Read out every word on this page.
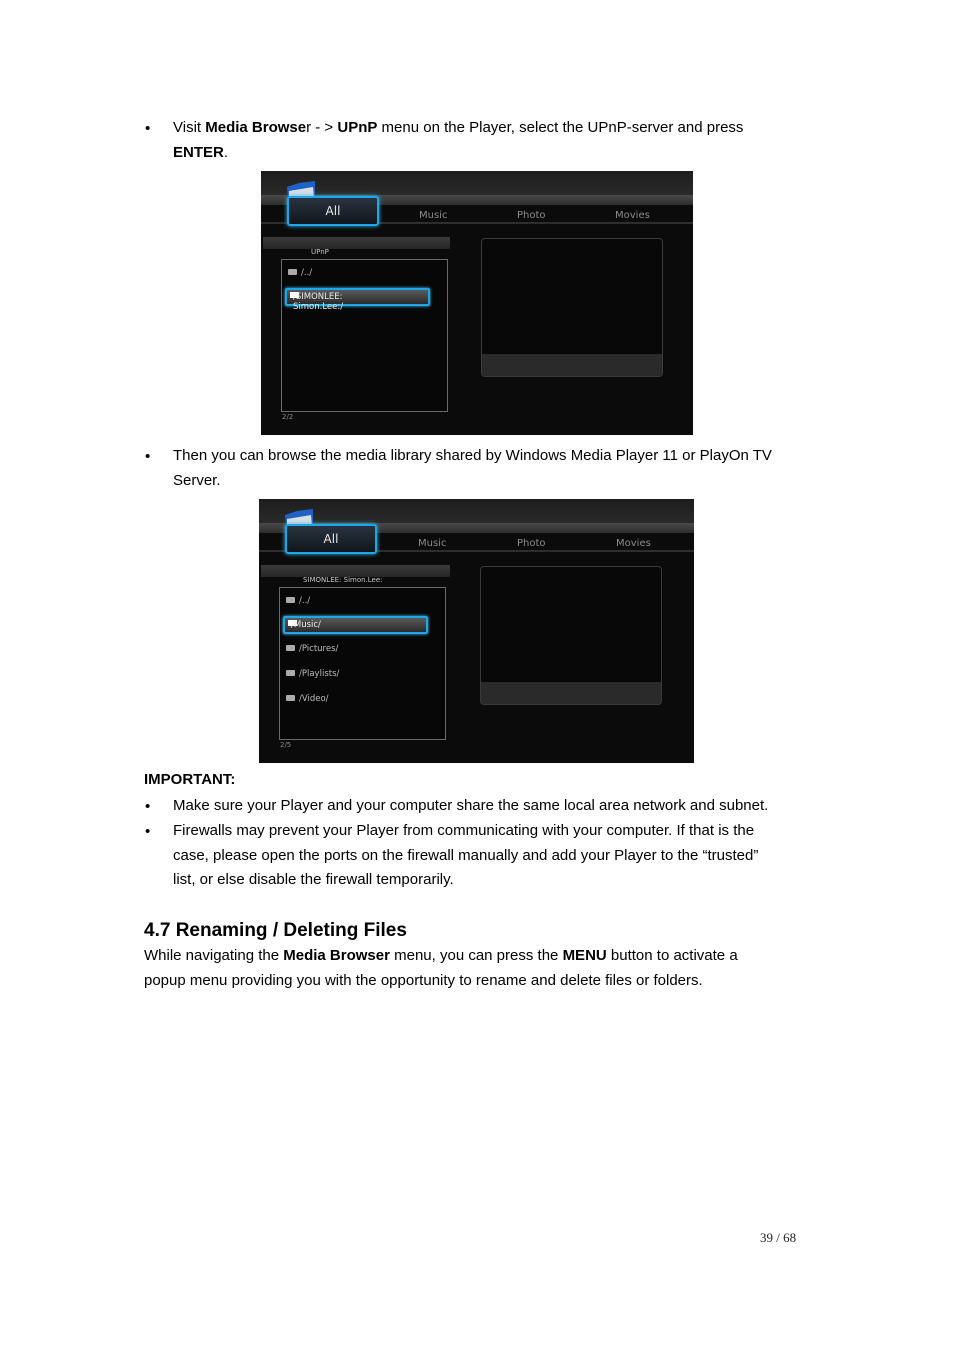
• Visit Media Browser - > UPnP menu on the Player, select the UPnP-server and press
ENTER.
All	Music	Photo	Movies
UPnP
/../
/SIMONLEE: Simon.Lee:/
2/2
• Then you can browse the media library shared by Windows Media Player 11 or PlayOn TV
Server.
All	Music	Photo	Movies
SIMONLEE: Simon.Lee:
/../
/Music/
/Pictures/
/Playlists/
/Video/
2/5
IMPORTANT:
• Make sure your Player and your computer share the same local area network and subnet.
• Firewalls may prevent your Player from communicating with your computer. If that is the
case, please open the ports on the firewall manually and add your Player to the “trusted”
list, or else disable the firewall temporarily.
4.7 Renaming / Deleting Files
While navigating the Media Browser menu, you can press the MENU button to activate a
popup menu providing you with the opportunity to rename and delete files or folders.
39 / 68
